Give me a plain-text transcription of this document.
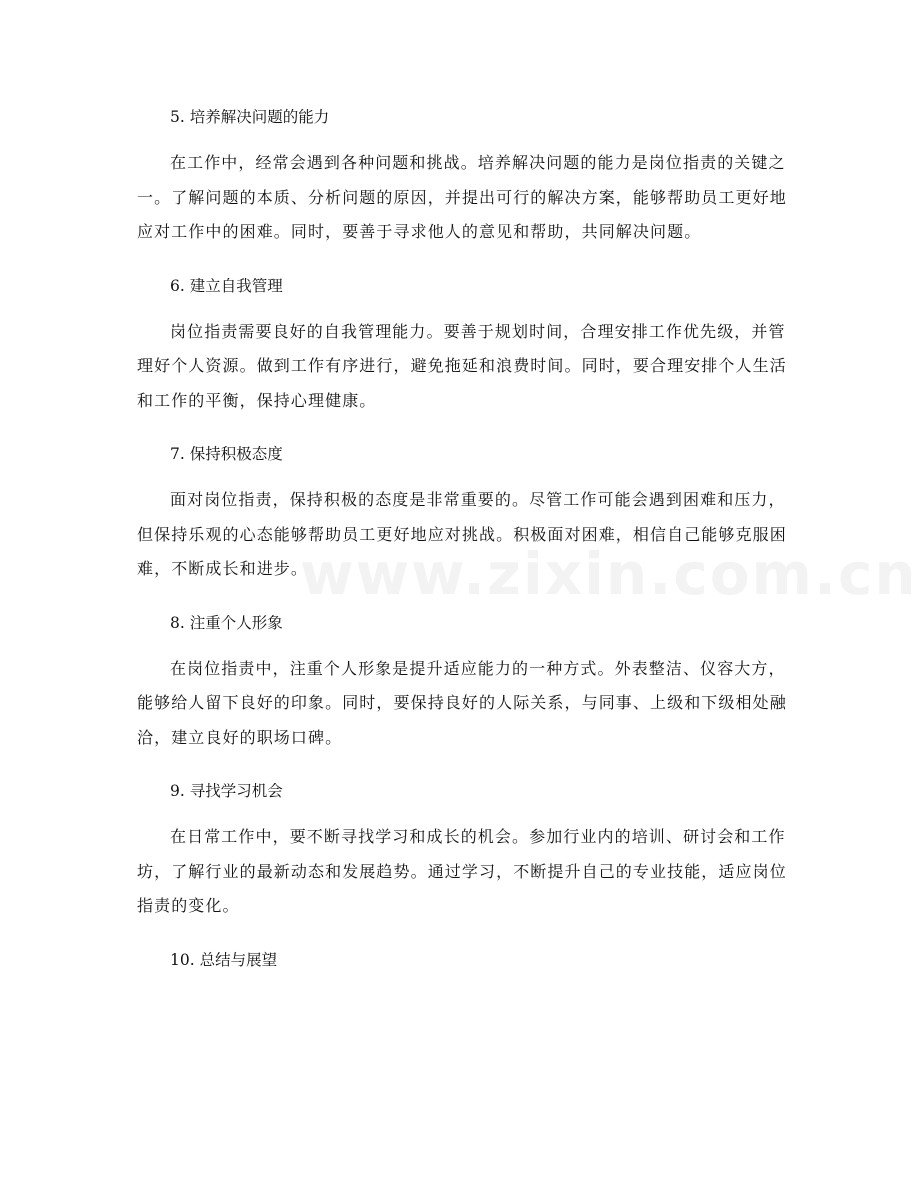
www.zixin.com.cn
5. 培养解决问题的能力

在工作中，经常会遇到各种问题和挑战。培养解决问题的能力是岗位指责的关键之一。了解问题的本质、分析问题的原因，并提出可行的解决方案，能够帮助员工更好地应对工作中的困难。同时，要善于寻求他人的意见和帮助，共同解决问题。

6. 建立自我管理

岗位指责需要良好的自我管理能力。要善于规划时间，合理安排工作优先级，并管理好个人资源。做到工作有序进行，避免拖延和浪费时间。同时，要合理安排个人生活和工作的平衡，保持心理健康。

7. 保持积极态度

面对岗位指责，保持积极的态度是非常重要的。尽管工作可能会遇到困难和压力，但保持乐观的心态能够帮助员工更好地应对挑战。积极面对困难，相信自己能够克服困难，不断成长和进步。

8. 注重个人形象

在岗位指责中，注重个人形象是提升适应能力的一种方式。外表整洁、仪容大方，能够给人留下良好的印象。同时，要保持良好的人际关系，与同事、上级和下级相处融洽，建立良好的职场口碑。

9. 寻找学习机会

在日常工作中，要不断寻找学习和成长的机会。参加行业内的培训、研讨会和工作坊，了解行业的最新动态和发展趋势。通过学习，不断提升自己的专业技能，适应岗位指责的变化。

10. 总结与展望
